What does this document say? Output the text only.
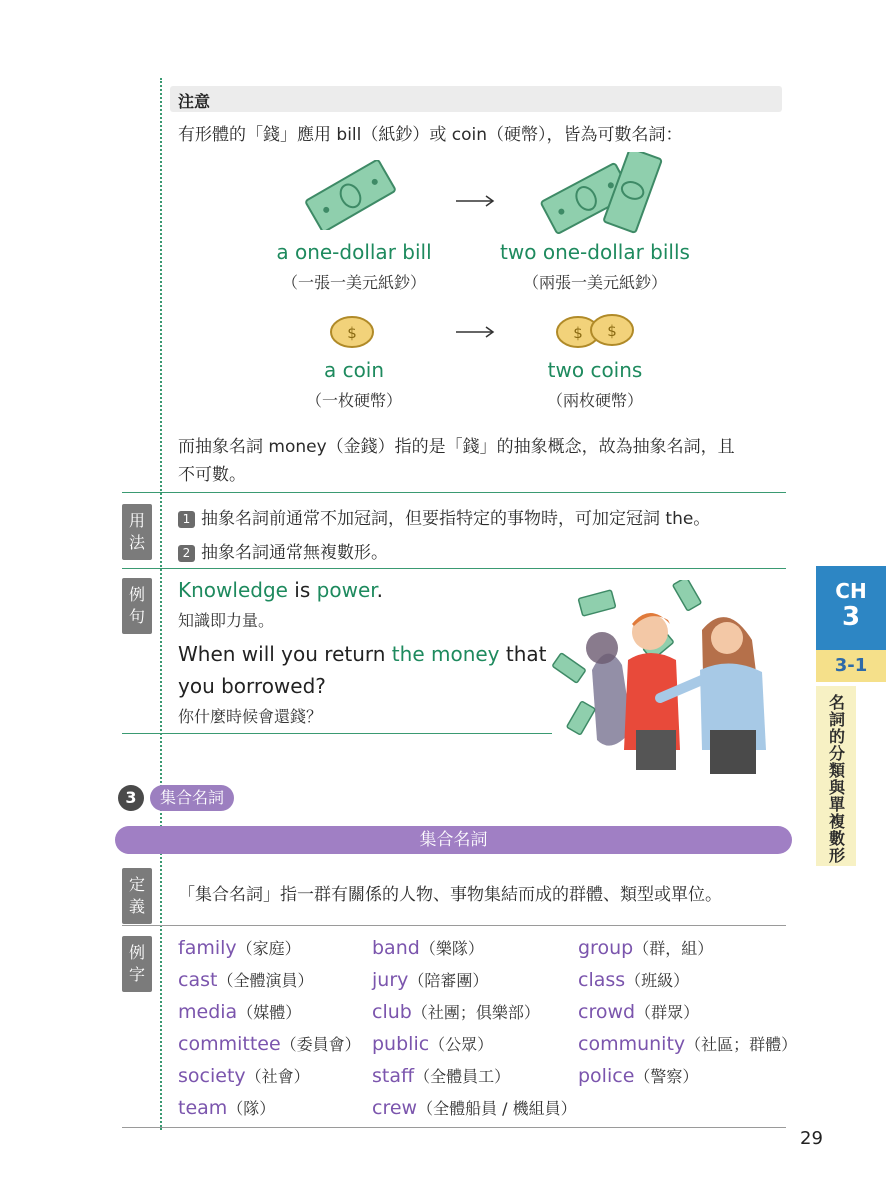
注意
有形體的「錢」應用 bill（紙鈔）或 coin（硬幣），皆為可數名詞：
a one-dollar bill
（一張一美元紙鈔）
two one-dollar bills
（兩張一美元紙鈔）
$	$ $
a coin
（一枚硬幣）
two coins
（兩枚硬幣）
而抽象名詞 money（金錢）指的是「錢」的抽象概念，故為抽象名詞，且
不可數。
用法
1 抽象名詞前通常不加冠詞，但要指特定的事物時，可加定冠詞 the。
2 抽象名詞通常無複數形。
例句
Knowledge is power.
知識即力量。
When will you return the money that
you borrowed?
你什麼時候會還錢？
3	集合名詞
集合名詞
定義
「集合名詞」指一群有關係的人物、事物集結而成的群體、類型或單位。
例字
family（家庭）	band（樂隊）	group（群，組）
cast（全體演員）	jury（陪審團）	class（班級）
media（媒體）	club（社團；俱樂部） crowd（群眾）
committee（委員會） public（公眾）	community（社區；群體）
society（社會）	staff（全體員工）	police（警察）
team（隊）	crew（全體船員 / 機組員）
CH
3
3-1
名詞的分類與單複數形
29
